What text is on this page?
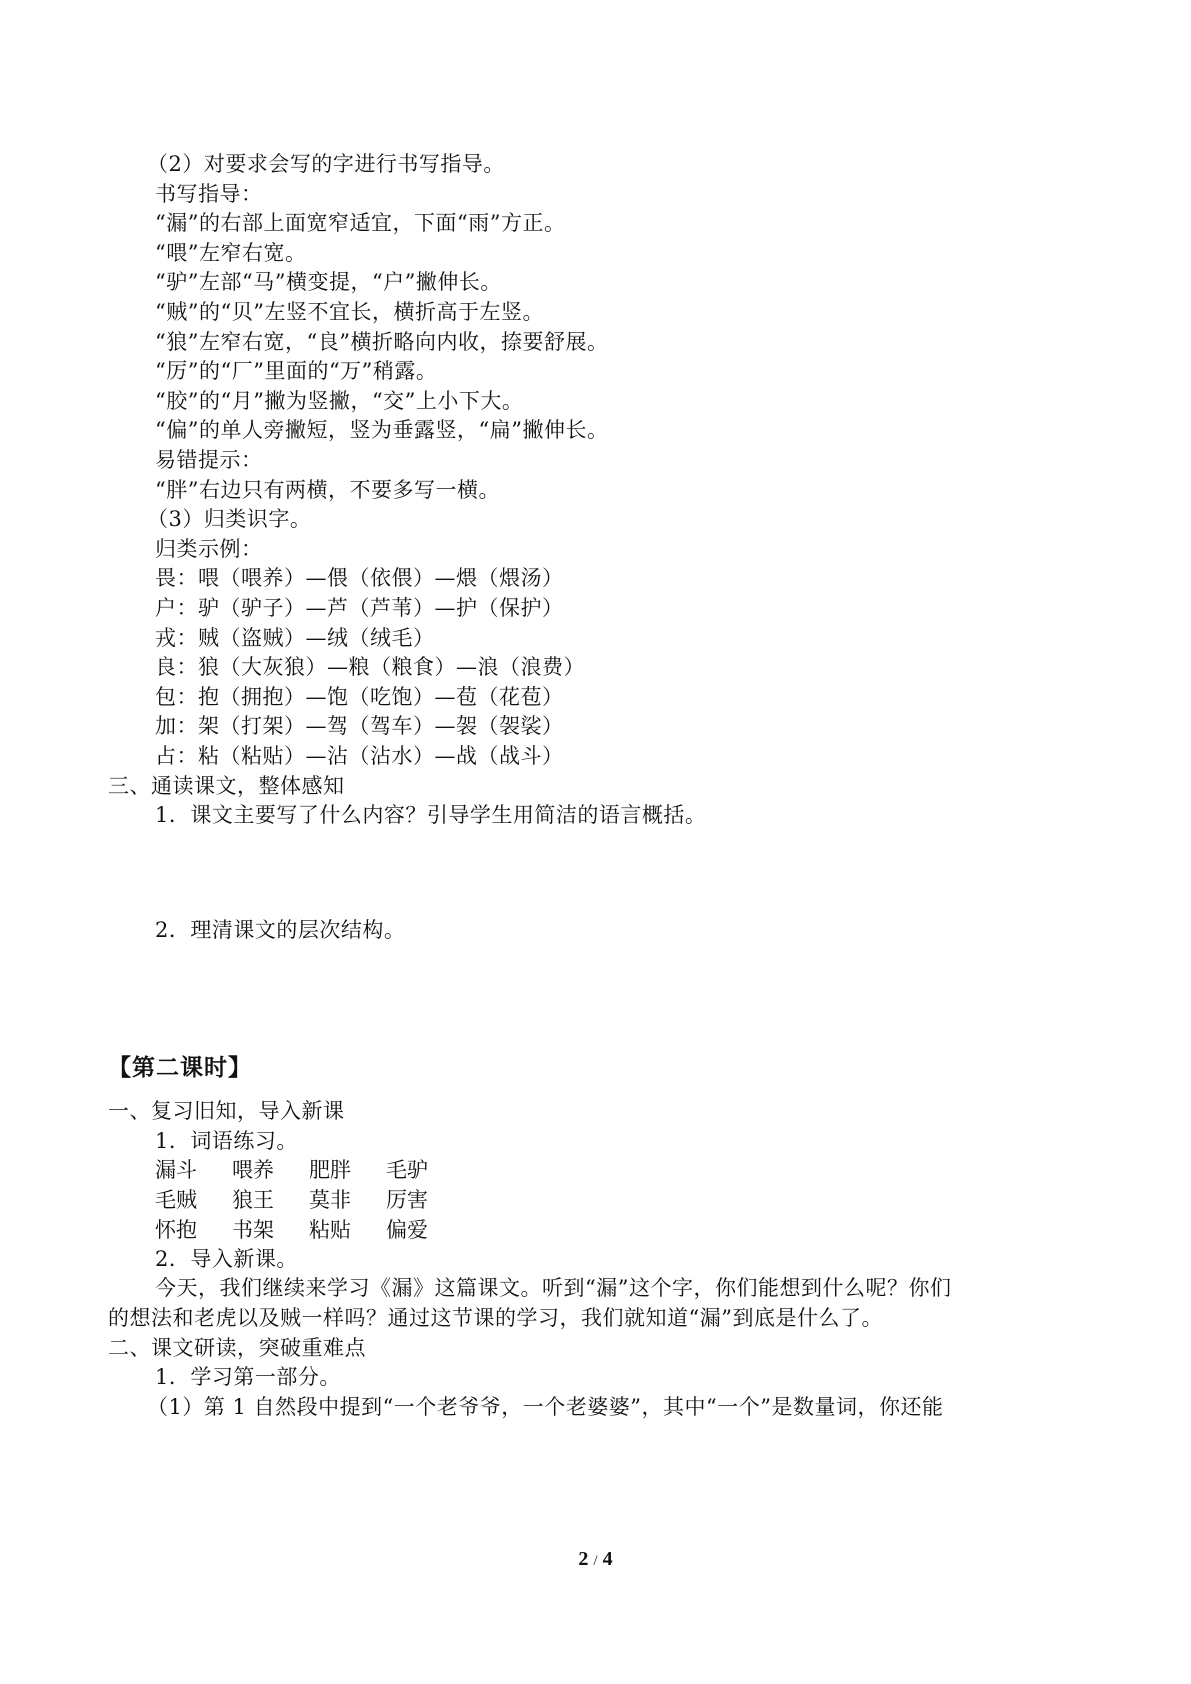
（2）对要求会写的字进行书写指导。
书写指导：
“漏”的右部上面宽窄适宜，下面“雨”方正。
“喂”左窄右宽。
“驴”左部“马”横变提，“户”撇伸长。
“贼”的“贝”左竖不宜长，横折高于左竖。
“狼”左窄右宽，“良”横折略向内收，捺要舒展。
“厉”的“厂”里面的“万”稍露。
“胶”的“月”撇为竖撇，“交”上小下大。
“偏”的单人旁撇短，竖为垂露竖，“扁”撇伸长。
易错提示：
“胖”右边只有两横，不要多写一横。
（3）归类识字。
归类示例：
畏：喂（喂养）—偎（依偎）—煨（煨汤）
户：驴（驴子）—芦（芦苇）—护（保护）
戎：贼（盗贼）—绒（绒毛）
良：狼（大灰狼）—粮（粮食）—浪（浪费）
包：抱（拥抱）—饱（吃饱）—苞（花苞）
加：架（打架）—驾（驾车）—袈（袈裟）
占：粘（粘贴）—沾（沾水）—战（战斗）
三、通读课文，整体感知
1．课文主要写了什么内容？引导学生用简洁的语言概括。
2．理清课文的层次结构。
【第二课时】
一、复习旧知，导入新课
1．词语练习。
漏斗	喂养	肥胖	毛驴
毛贼	狼王	莫非	厉害
怀抱	书架	粘贴	偏爱
2．导入新课。
今天，我们继续来学习《漏》这篇课文。听到“漏”这个字，你们能想到什么呢？你们
的想法和老虎以及贼一样吗？通过这节课的学习，我们就知道“漏”到底是什么了。
二、课文研读，突破重难点
1．学习第一部分。
（1）第 1 自然段中提到“一个老爷爷，一个老婆婆”，其中“一个”是数量词，你还能
2 / 4
